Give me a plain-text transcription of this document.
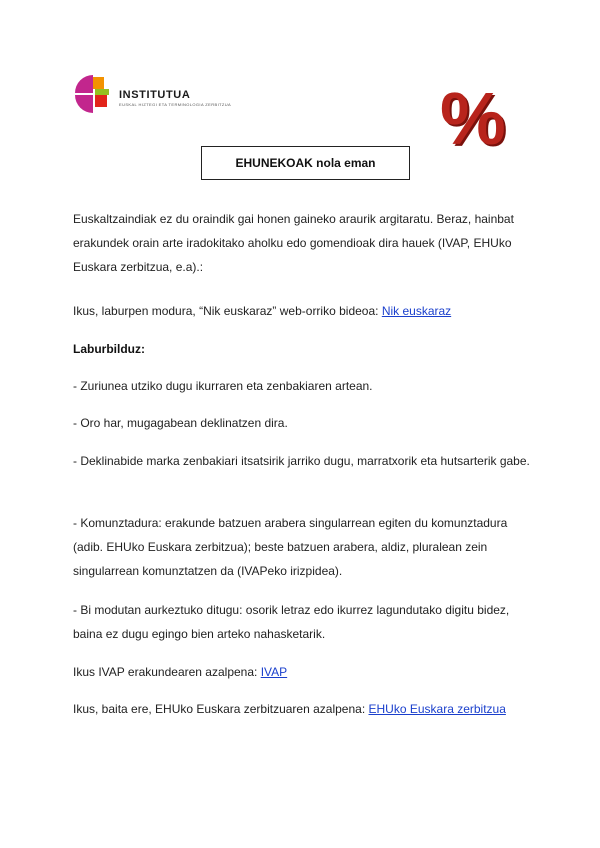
INSTITUTUA
EUSKAL HIZTEGI ETA TERMINOLOGIA ZERBITZUA	%
EHUNEKOAK nola eman

Euskaltzaindiak ez du oraindik gai honen gaineko araurik argitaratu. Beraz, hainbat erakundek orain arte iradokitako aholku edo gomendioak dira hauek (IVAP, EHUko Euskara zerbitzua, e.a).:

Ikus, laburpen modura, “Nik euskaraz” web-orriko bideoa: Nik euskaraz

Laburbilduz:

- Zuriunea utziko dugu ikurraren eta zenbakiaren artean.

- Oro har, mugagabean deklinatzen dira.

- Deklinabide marka zenbakiari itsatsirik jarriko dugu, marratxorik eta hutsarterik gabe.

- Komunztadura: erakunde batzuen arabera singularrean egiten du komunztadura (adib. EHUko Euskara zerbitzua); beste batzuen arabera, aldiz, pluralean zein singularrean komunztatzen da (IVAPeko irizpidea).

- Bi modutan aurkeztuko ditugu: osorik letraz edo ikurrez lagundutako digitu bidez, baina ez dugu egingo bien arteko nahasketarik.

Ikus IVAP erakundearen azalpena: IVAP

Ikus, baita ere, EHUko Euskara zerbitzuaren azalpena: EHUko Euskara zerbitzua
